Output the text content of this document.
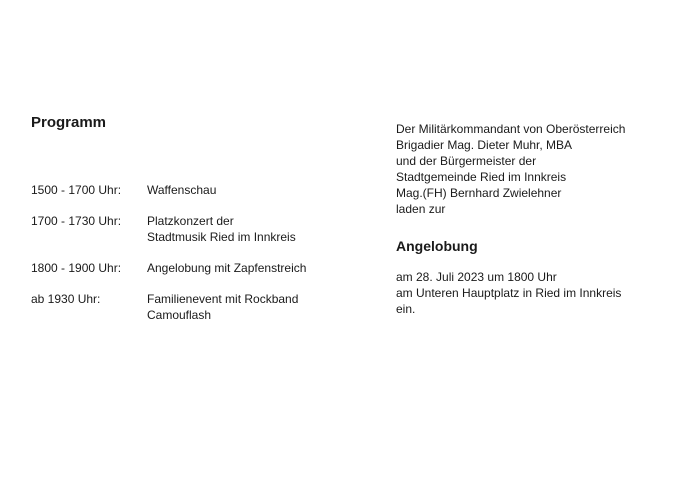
Programm
1500 - 1700 Uhr:	Waffenschau
1700 - 1730 Uhr:	Platzkonzert der
Stadtmusik Ried im Innkreis
1800 - 1900 Uhr:	Angelobung mit Zapfenstreich
ab 1930 Uhr:	Familienevent mit Rockband
Camouflash
Der Militärkommandant von Oberösterreich
Brigadier Mag. Dieter Muhr, MBA
und der Bürgermeister der
Stadtgemeinde Ried im Innkreis
Mag.(FH) Bernhard Zwielehner
laden zur
Angelobung
am 28. Juli 2023 um 1800 Uhr
am Unteren Hauptplatz in Ried im Innkreis
ein.
